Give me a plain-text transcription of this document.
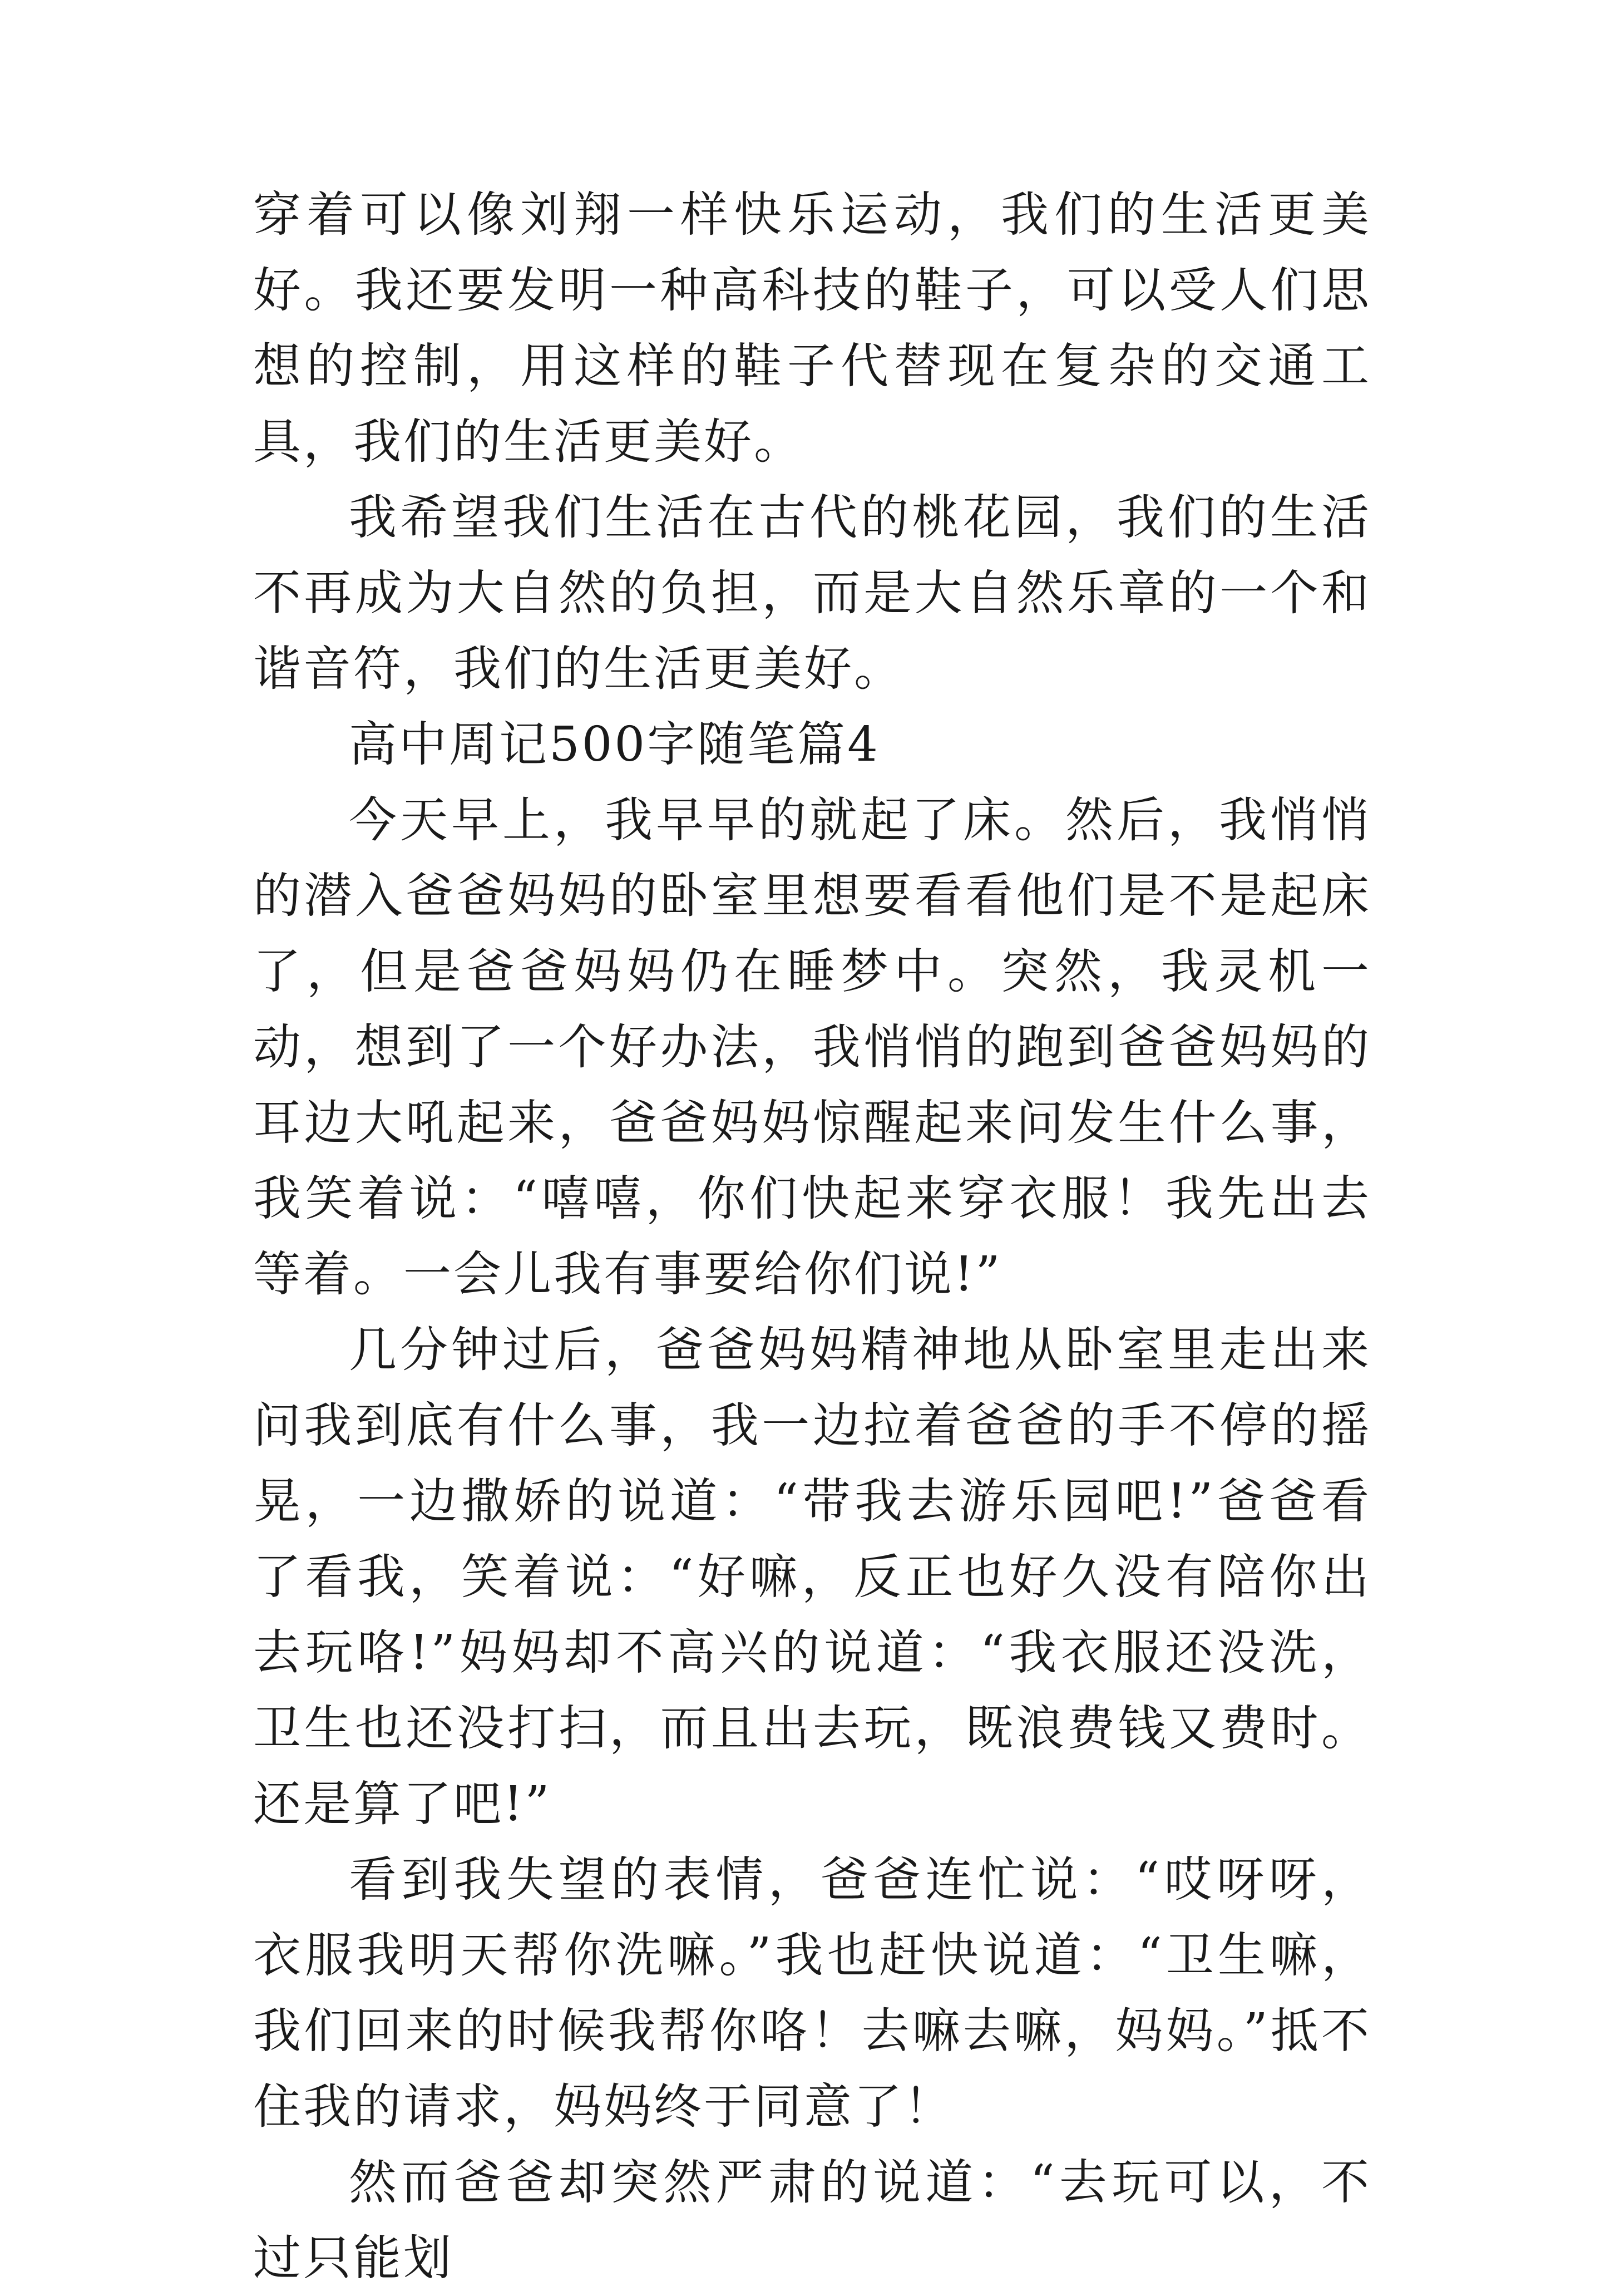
穿着可以像刘翔一样快乐运动，我们的生活更美好。我还要发明一种高科技的鞋子，可以受人们思想的控制，用这样的鞋子代替现在复杂的交通工具，我们的生活更美好。

我希望我们生活在古代的桃花园，我们的生活不再成为大自然的负担，而是大自然乐章的一个和谐音符，我们的生活更美好。

高中周记500字随笔篇4

今天早上，我早早的就起了床。然后，我悄悄的潜入爸爸妈妈的卧室里想要看看他们是不是起床了，但是爸爸妈妈仍在睡梦中。突然，我灵机一动，想到了一个好办法，我悄悄的跑到爸爸妈妈的耳边大吼起来，爸爸妈妈惊醒起来问发生什么事，我笑着说：“嘻嘻，你们快起来穿衣服！我先出去等着。一会儿我有事要给你们说!”

几分钟过后，爸爸妈妈精神地从卧室里走出来问我到底有什么事，我一边拉着爸爸的手不停的摇晃，一边撒娇的说道：“带我去游乐园吧!”爸爸看了看我，笑着说：“好嘛，反正也好久没有陪你出去玩咯!”妈妈却不高兴的说道：“我衣服还没洗，卫生也还没打扫，而且出去玩，既浪费钱又费时。还是算了吧!”

看到我失望的表情，爸爸连忙说：“哎呀呀，衣服我明天帮你洗嘛。”我也赶快说道：“卫生嘛，我们回来的时候我帮你咯！去嘛去嘛，妈妈。”抵不住我的请求，妈妈终于同意了！

然而爸爸却突然严肃的说道：“去玩可以，不过只能划
